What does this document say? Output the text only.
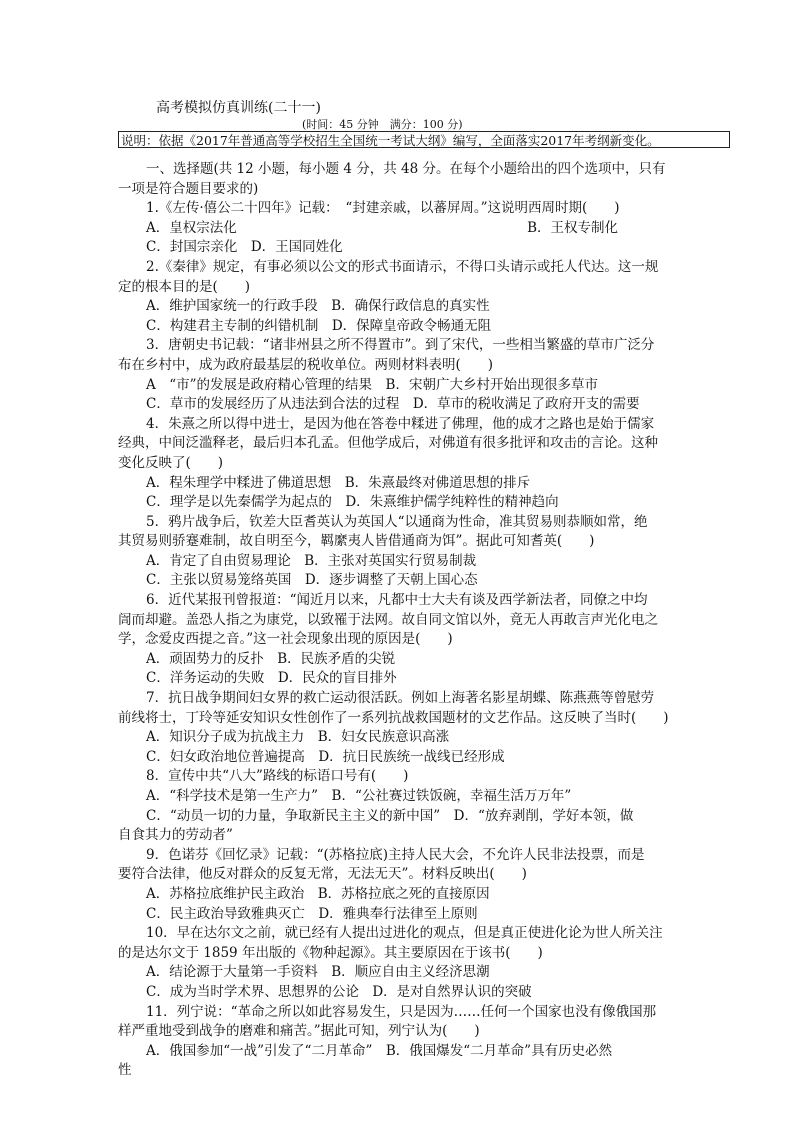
高考模拟仿真训练(二十一)
(时间：45 分钟　满分：100 分)
说明：依据《2017年普通高等学校招生全国统一考试大纲》编写，全面落实2017年考纲新变化。
一、选择题(共 12 小题，每小题 4 分，共 48 分。在每个小题给出的四个选项中，只有
一项是符合题目要求的)
1.《左传·僖公二十四年》记载：　“封建亲戚，以蕃屏周。”这说明西周时期(　　)
A．皇权宗法化	B．王权专制化
C．封国宗亲化　D．王国同姓化
2.《秦律》规定，有事必须以公文的形式书面请示，不得口头请示或托人代达。这一规
定的根本目的是(　　)
A．维护国家统一的行政手段　B．确保行政信息的真实性
C．构建君主专制的纠错机制　D．保障皇帝政令畅通无阻
3．唐朝史书记载：“诸非州县之所不得置市”。到了宋代，一些相当繁盛的草市广泛分
布在乡村中，成为政府最基层的税收单位。两则材料表明(　　)
A　“市”的发展是政府精心管理的结果　B．宋朝广大乡村开始出现很多草市
C．草市的发展经历了从违法到合法的过程　D．草市的税收满足了政府开支的需要
4．朱熹之所以得中进士，是因为他在答卷中糅进了佛理，他的成才之路也是始于儒家
经典，中间泛滥释老，最后归本孔孟。但他学成后，对佛道有很多批评和攻击的言论。这种
变化反映了(　　)
A．程朱理学中糅进了佛道思想　B．朱熹最终对佛道思想的排斥
C．理学是以先秦儒学为起点的　D．朱熹维护儒学纯粹性的精神趋向
5．鸦片战争后，钦差大臣耆英认为英国人“以通商为性命，准其贸易则恭顺如常，绝
其贸易则骄蹇难制，故自明至今，羁縻夷人皆借通商为饵”。据此可知耆英(　　)
A．肯定了自由贸易理论　B．主张对英国实行贸易制裁
C．主张以贸易笼络英国　D．逐步调整了天朝上国心态
6．近代某报刊曾报道：“闻近月以来，凡都中士大夫有谈及西学新法者，同僚之中均
訚而却避。盖恐人指之为康党，以致罹于法网。故自同文馆以外，竟无人再敢言声光化电之
学，念爱皮西提之音。”这一社会现象出现的原因是(　　)
A．顽固势力的反扑　B．民族矛盾的尖锐
C．洋务运动的失败　D．民众的盲目排外
7．抗日战争期间妇女界的救亡运动很活跃。例如上海著名影星胡蝶、陈燕燕等曾慰劳
前线将士，丁玲等延安知识女性创作了一系列抗战救国题材的文艺作品。这反映了当时(　　)
A．知识分子成为抗战主力　B．妇女民族意识高涨
C．妇女政治地位普遍提高　D．抗日民族统一战线已经形成
8．宣传中共“八大”路线的标语口号有(　　)
A．“科学技术是第一生产力”　B．“公社赛过铁饭碗，幸福生活万万年”
C．“动员一切的力量，争取新民主主义的新中国”　D．“放弃剥削，学好本领，做
自食其力的劳动者”
9．色诺芬《回忆录》记载：“(苏格拉底)主持人民大会，不允许人民非法投票，而是
要符合法律，他反对群众的反复无常，无法无天”。材料反映出(　　)
A．苏格拉底维护民主政治　B．苏格拉底之死的直接原因
C．民主政治导致雅典灭亡　D．雅典奉行法律至上原则
10．早在达尔文之前，就已经有人提出过进化的观点，但是真正使进化论为世人所关注
的是达尔文于 1859 年出版的《物种起源》。其主要原因在于该书(　　)
A．结论源于大量第一手资料　B．顺应自由主义经济思潮
C．成为当时学术界、思想界的公论　D．是对自然界认识的突破
11．列宁说：“革命之所以如此容易发生，只是因为……任何一个国家也没有像俄国那
样严重地受到战争的磨难和痛苦。”据此可知，列宁认为(　　)
A．俄国参加“一战”引发了“二月革命”　B．俄国爆发“二月革命”具有历史必然
性
